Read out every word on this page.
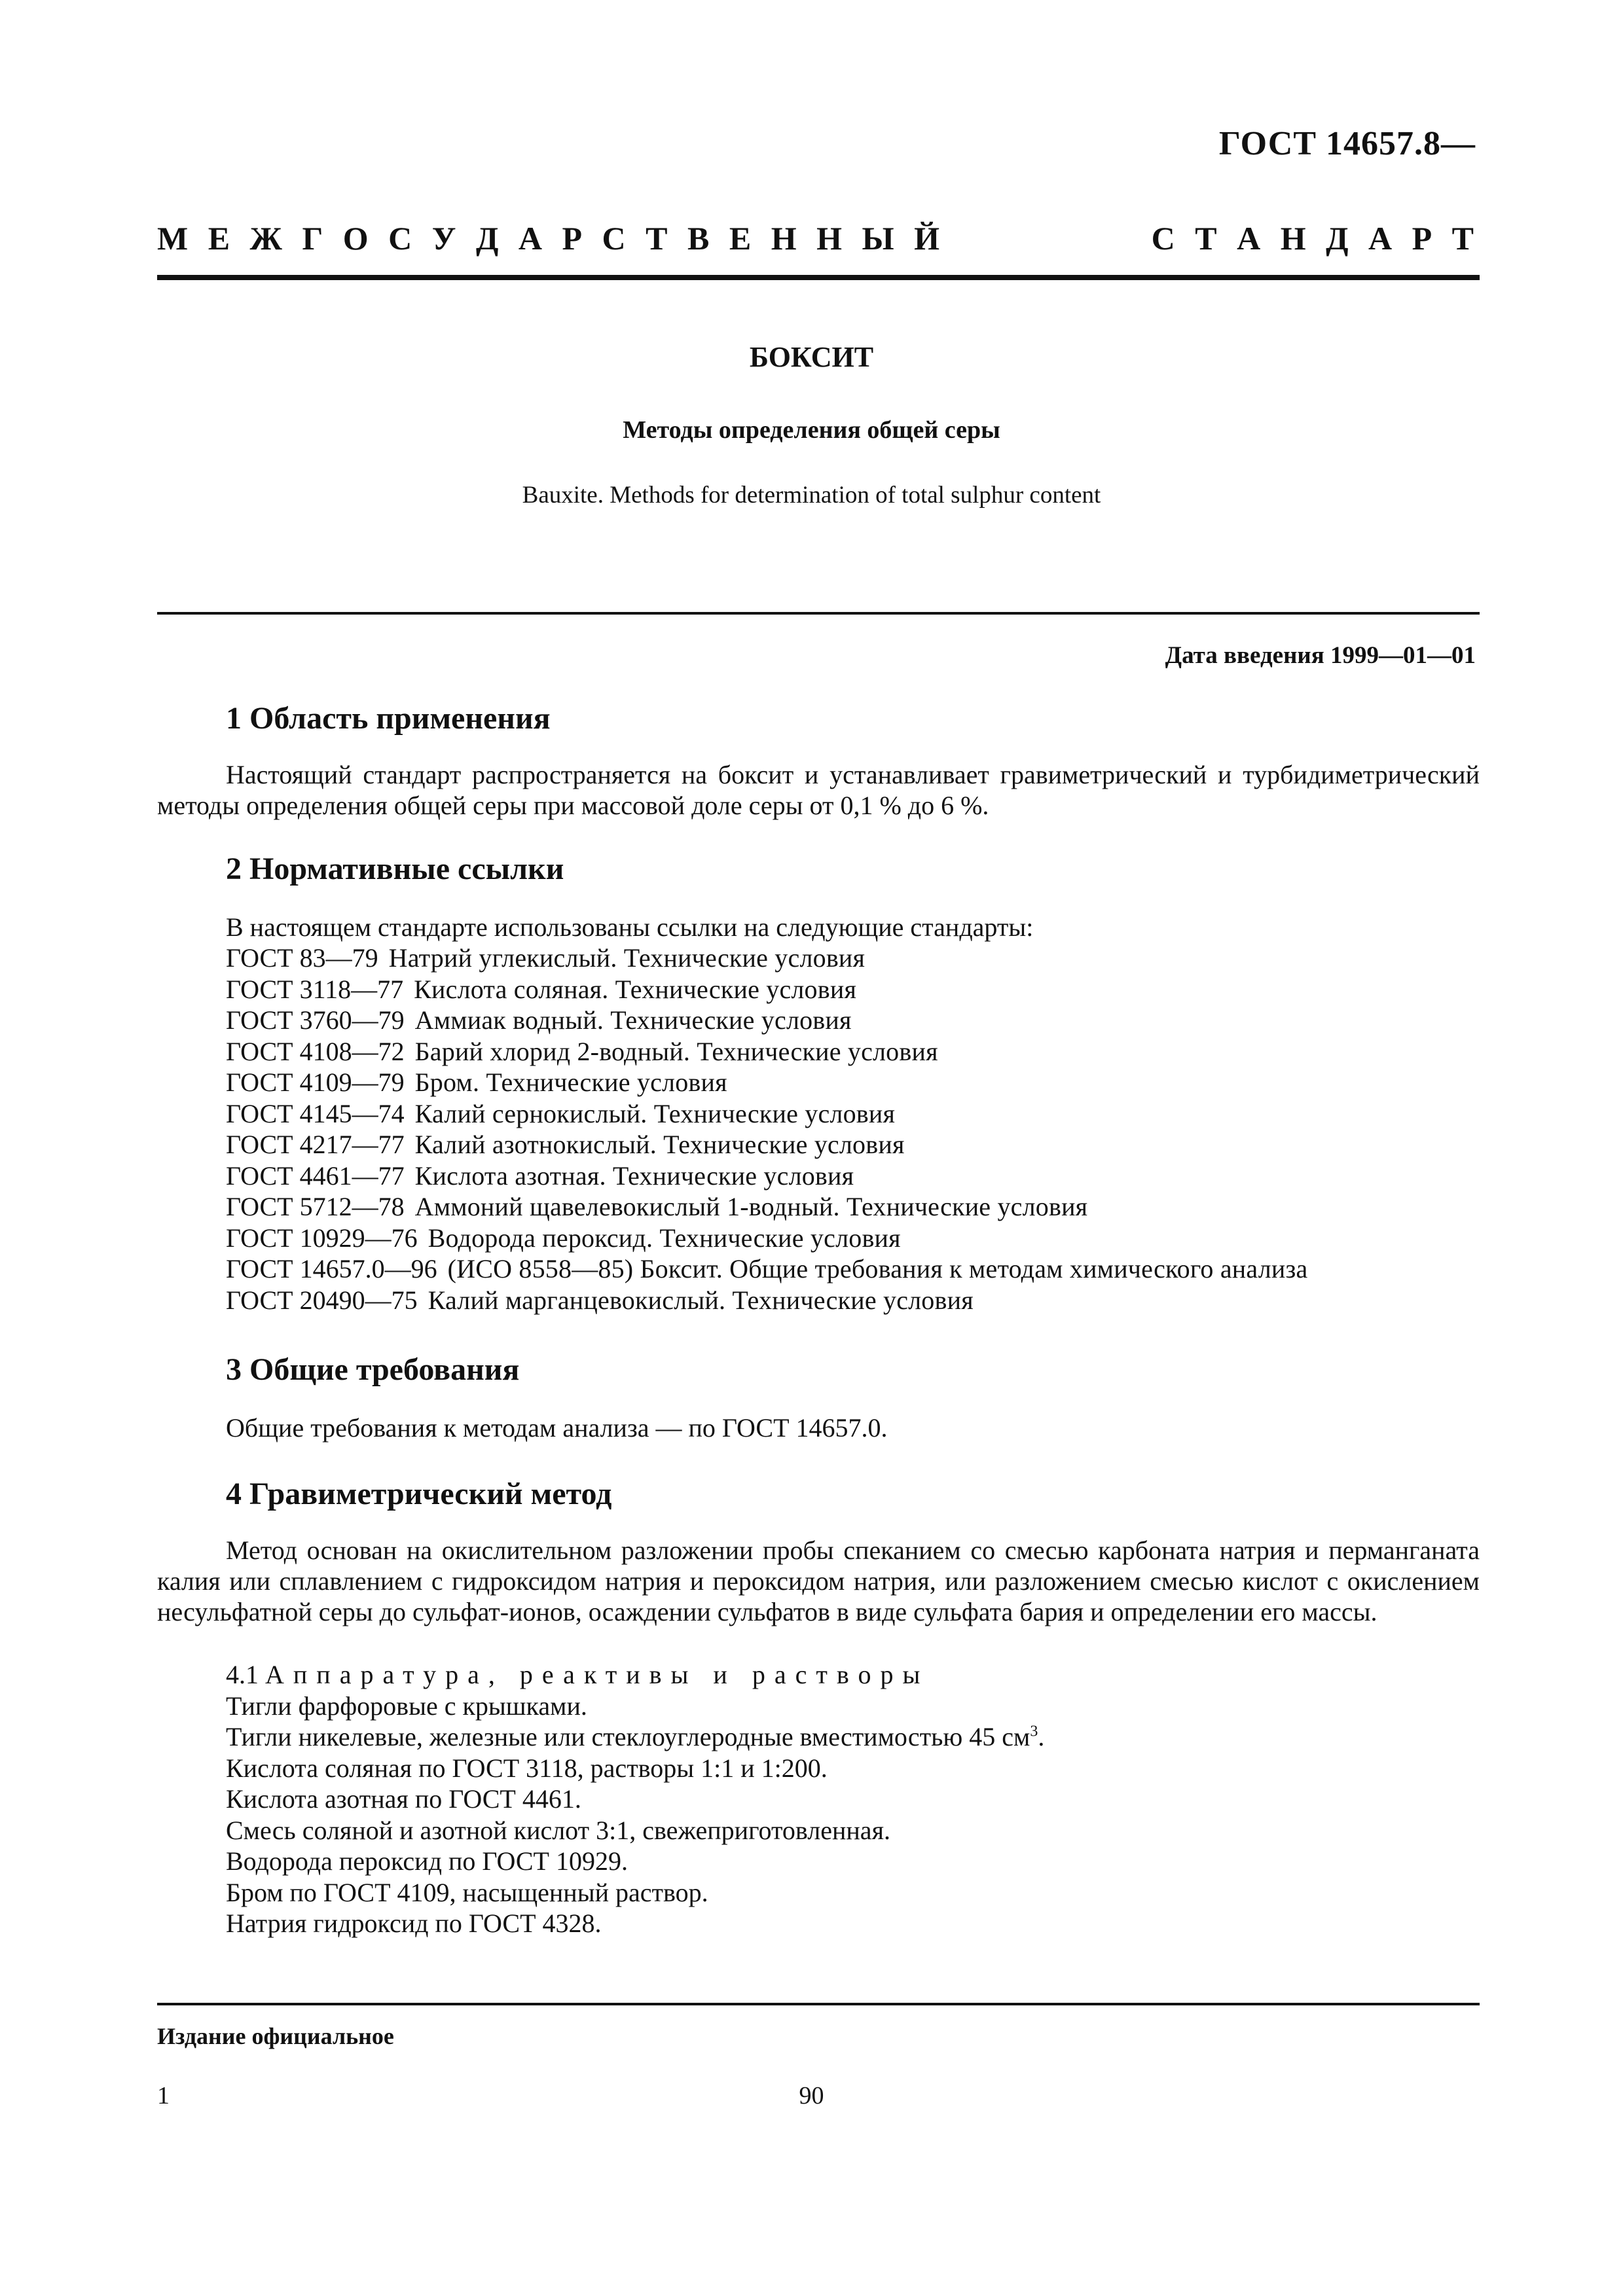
ГОСТ 14657.8—
М Е Ж Г О С У Д А Р С Т В Е Н Н Ы Й	С Т А Н Д А Р Т
БОКСИТ
Методы определения общей серы
Bauxite. Methods for determination of total sulphur content
Дата введения 1999—01—01
1 Область применения
Настоящий стандарт распространяется на боксит и устанавливает гравиметрический и турбидиметрический методы определения общей серы при массовой доле серы от 0,1 % до 6 %.
2 Нормативные ссылки
В настоящем стандарте использованы ссылки на следующие стандарты:
ГОСТ 83—79 Натрий углекислый. Технические условия
ГОСТ 3118—77 Кислота соляная. Технические условия
ГОСТ 3760—79 Аммиак водный. Технические условия
ГОСТ 4108—72 Барий хлорид 2-водный. Технические условия
ГОСТ 4109—79 Бром. Технические условия
ГОСТ 4145—74 Калий сернокислый. Технические условия
ГОСТ 4217—77 Калий азотнокислый. Технические условия
ГОСТ 4461—77 Кислота азотная. Технические условия
ГОСТ 5712—78 Аммоний щавелевокислый 1-водный. Технические условия
ГОСТ 10929—76 Водорода пероксид. Технические условия
ГОСТ 14657.0—96 (ИСО 8558—85) Боксит. Общие требования к методам химического анализа
ГОСТ 20490—75 Калий марганцевокислый. Технические условия
3 Общие требования
Общие требования к методам анализа — по ГОСТ 14657.0.
4 Гравиметрический метод
Метод основан на окислительном разложении пробы спеканием со смесью карбоната натрия и перманганата калия или сплавлением с гидроксидом натрия и пероксидом натрия, или разложением смесью кислот с окислением несульфатной серы до сульфат-ионов, осаждении сульфатов в виде сульфата бария и определении его массы.
4.1 Аппаратура, реактивы и растворы
Тигли фарфоровые с крышками.
Тигли никелевые, железные или стеклоуглеродные вместимостью 45 $см^3$.
Кислота соляная по ГОСТ 3118, растворы 1:1 и 1:200.
Кислота азотная по ГОСТ 4461.
Смесь соляной и азотной кислот 3:1, свежеприготовленная.
Водорода пероксид по ГОСТ 10929.
Бром по ГОСТ 4109, насыщенный раствор.
Натрия гидроксид по ГОСТ 4328.
Издание официальное
1	90
